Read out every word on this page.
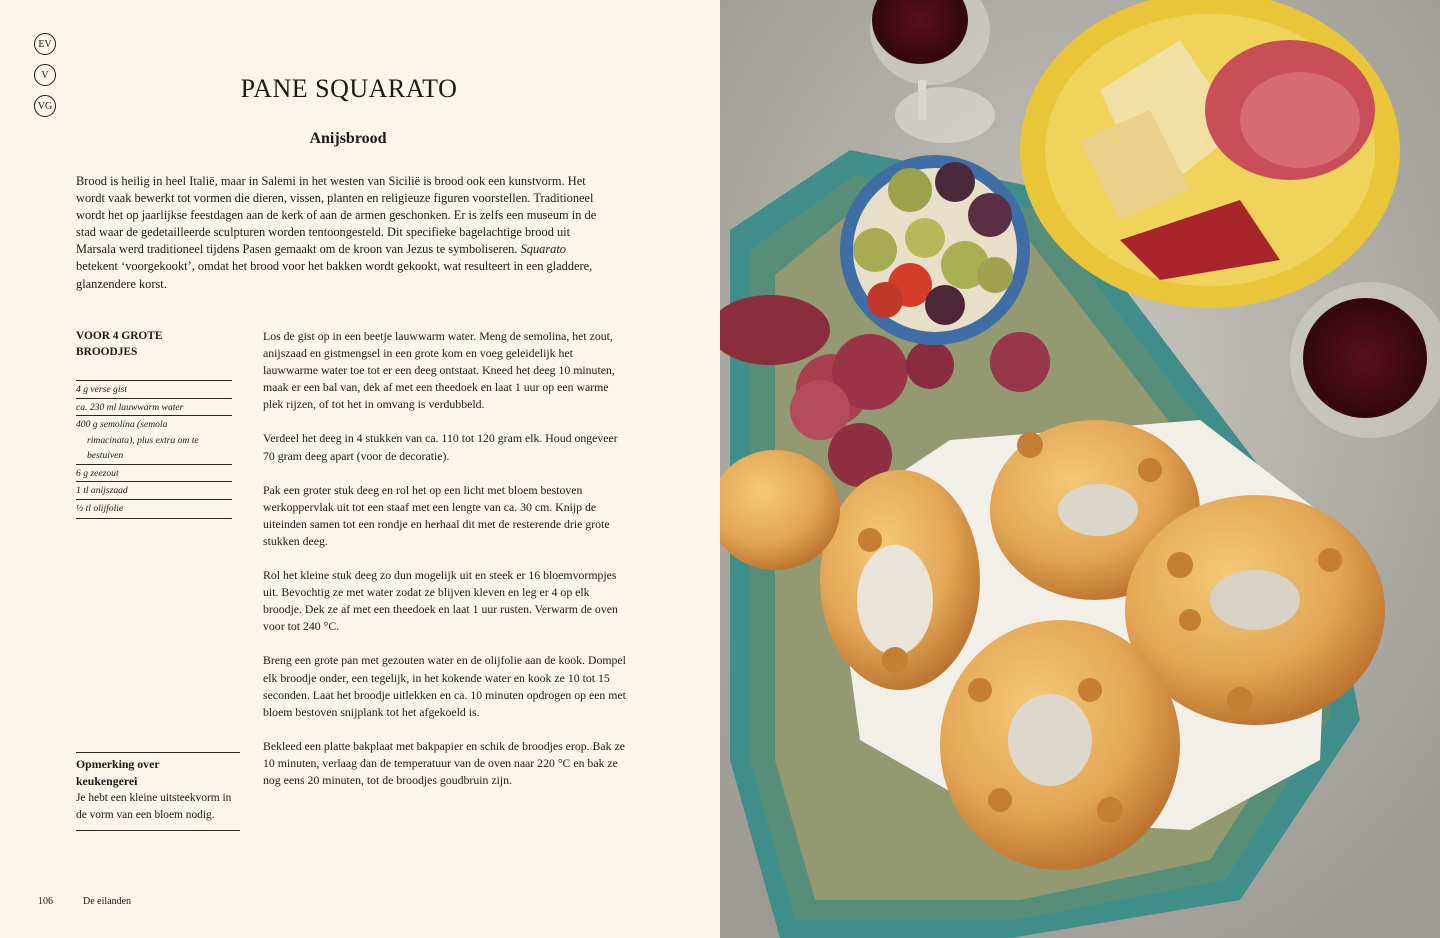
EV
V
VG
PANE SQUARATO
Anijsbrood

Brood is heilig in heel Italië, maar in Salemi in het westen van Sicilië is brood ook een kunstvorm. Het wordt vaak bewerkt tot vormen die dieren, vissen, planten en religieuze figuren voorstellen. Traditioneel wordt het op jaarlijkse feestdagen aan de kerk of aan de armen geschonken. Er is zelfs een museum in de stad waar de gedetailleerde sculpturen worden tentoongesteld. Dit specifieke bagelachtige brood uit Marsala werd traditioneel tijdens Pasen gemaakt om de kroon van Jezus te symboliseren. Squarato betekent ‘voorgekookt’, omdat het brood voor het bakken wordt gekookt, wat resulteert in een gladdere, glanzendere korst.

VOOR 4 GROTE
BROODJES

4 g verse gist
ca. 230 ml lauwwarm water
400 g semolina (semola
rimacinata), plus extra om te
bestuiven
6 g zeezout
1 tl anijszaad
½ tl olijfolie

Opmerking over
keukengerei

Je hebt een kleine uitsteekvorm in de vorm van een bloem nodig.

Los de gist op in een beetje lauwwarm water. Meng de semolina, het zout, anijszaad en gistmengsel in een grote kom en voeg geleidelijk het lauwwarme water toe tot er een deeg ontstaat. Kneed het deeg 10 minuten, maak er een bal van, dek af met een theedoek en laat 1 uur op een warme plek rijzen, of tot het in omvang is verdubbeld.

Verdeel het deeg in 4 stukken van ca. 110 tot 120 gram elk. Houd ongeveer 70 gram deeg apart (voor de decoratie).

Pak een groter stuk deeg en rol het op een licht met bloem bestoven werkoppervlak uit tot een staaf met een lengte van ca. 30 cm. Knijp de uiteinden samen tot een rondje en herhaal dit met de resterende drie grote stukken deeg.

Rol het kleine stuk deeg zo dun mogelijk uit en steek er 16 bloemvormpjes uit. Bevochtig ze met water zodat ze blijven kleven en leg er 4 op elk broodje. Dek ze af met een theedoek en laat 1 uur rusten. Verwarm de oven voor tot 240 °C.

Breng een grote pan met gezouten water en de olijfolie aan de kook. Dompel elk broodje onder, een tegelijk, in het kokende water en kook ze 10 tot 15 seconden. Laat het broodje uitlekken en ca. 10 minuten opdrogen op een met bloem bestoven snijplank tot het afgekoeld is.

Bekleed een platte bakplaat met bakpapier en schik de broodjes erop. Bak ze 10 minuten, verlaag dan de temperatuur van de oven naar 220 °C en bak ze nog eens 20 minuten, tot de broodjes goudbruin zijn.

106	De eilanden
